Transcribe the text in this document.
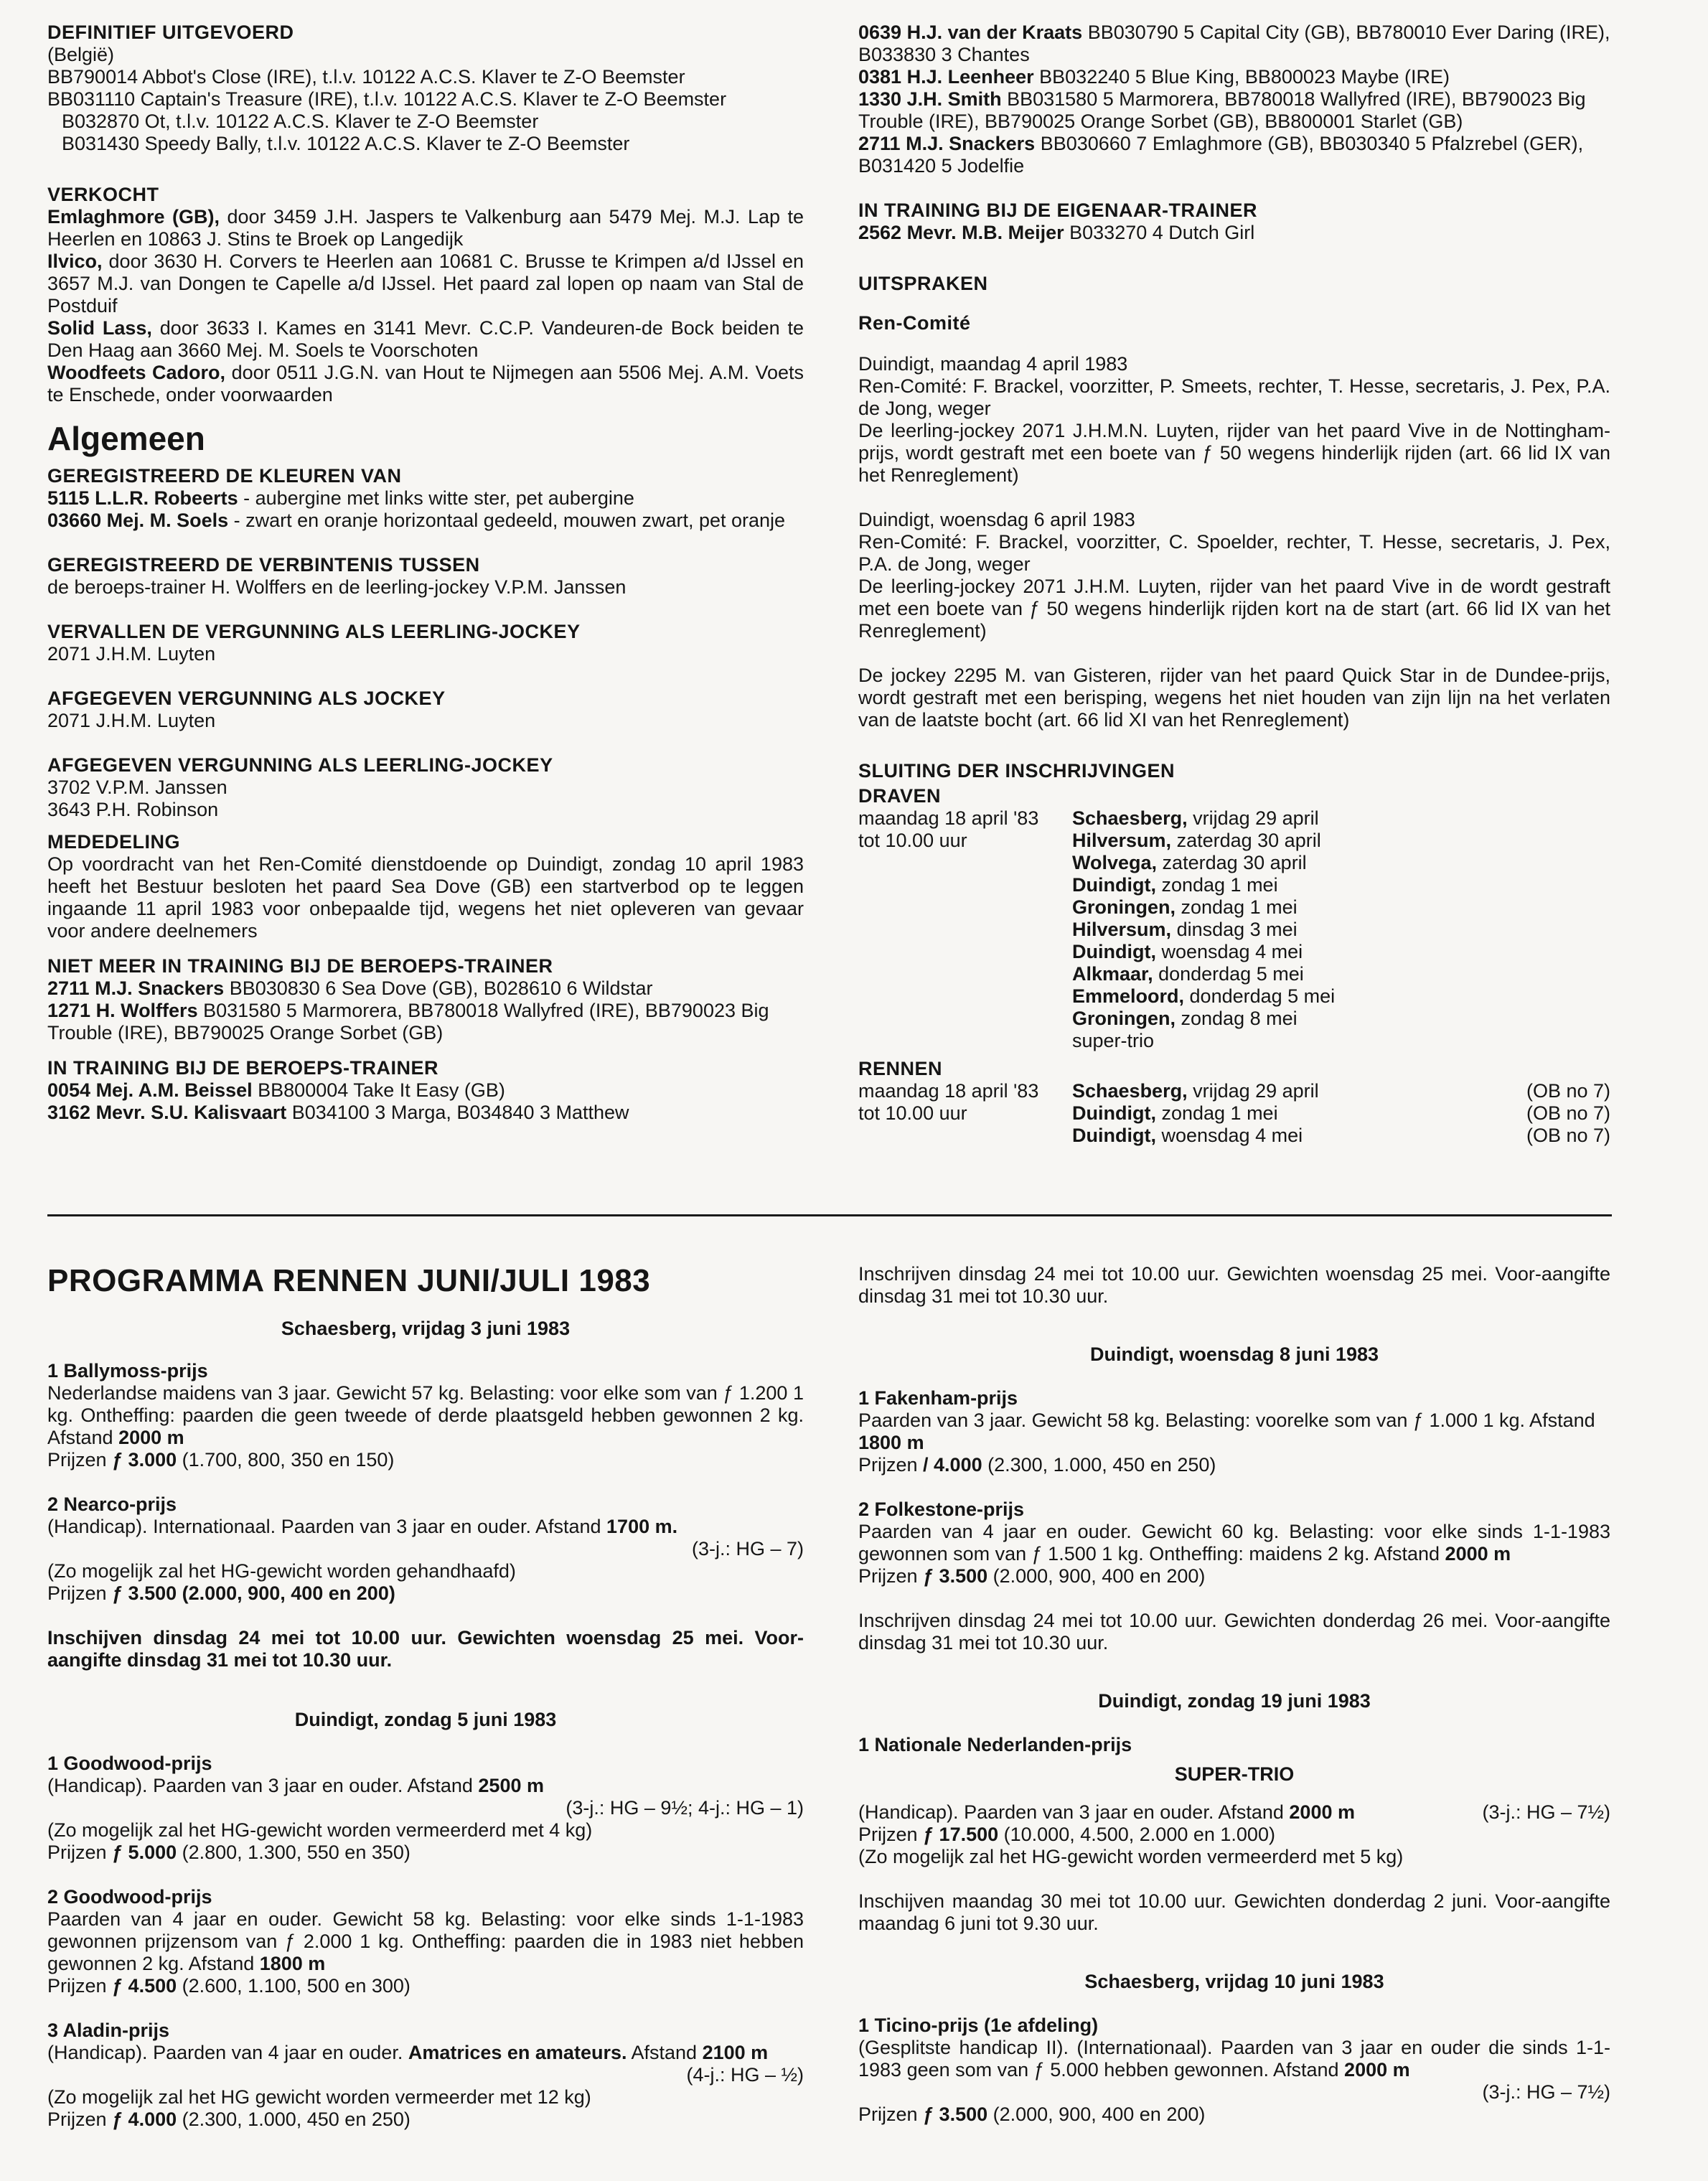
DEFINITIEF UITGEVOERD

(België)

BB790014 Abbot's Close (IRE), t.l.v. 10122 A.C.S. Klaver te Z-O Beemster

BB031110 Captain's Treasure (IRE), t.l.v. 10122 A.C.S. Klaver te Z-O Beemster

B032870 Ot, t.l.v. 10122 A.C.S. Klaver te Z-O Beemster

B031430 Speedy Bally, t.l.v. 10122 A.C.S. Klaver te Z-O Beemster

VERKOCHT

Emlaghmore (GB), door 3459 J.H. Jaspers te Valkenburg aan 5479 Mej. M.J. Lap te Heerlen en 10863 J. Stins te Broek op Langedijk

Ilvico, door 3630 H. Corvers te Heerlen aan 10681 C. Brusse te Krimpen a/d IJssel en 3657 M.J. van Dongen te Capelle a/d IJssel. Het paard zal lopen op naam van Stal de Postduif

Solid Lass, door 3633 I. Kames en 3141 Mevr. C.C.P. Vandeuren-de Bock beiden te Den Haag aan 3660 Mej. M. Soels te Voorschoten

Woodfeets Cadoro, door 0511 J.G.N. van Hout te Nijmegen aan 5506 Mej. A.M. Voets te Enschede, onder voorwaarden

Algemeen
GEREGISTREERD DE KLEUREN VAN

5115 L.L.R. Robeerts - aubergine met links witte ster, pet aubergine

03660 Mej. M. Soels - zwart en oranje horizontaal gedeeld, mouwen zwart, pet oranje

GEREGISTREERD DE VERBINTENIS TUSSEN

de beroeps-trainer H. Wolffers en de leerling-jockey V.P.M. Janssen

VERVALLEN DE VERGUNNING ALS LEERLING-JOCKEY

2071 J.H.M. Luyten

AFGEGEVEN VERGUNNING ALS JOCKEY

2071 J.H.M. Luyten

AFGEGEVEN VERGUNNING ALS LEERLING-JOCKEY

3702 V.P.M. Janssen

3643 P.H. Robinson

MEDEDELING

Op voordracht van het Ren-Comité dienstdoende op Duindigt, zondag 10 april 1983 heeft het Bestuur besloten het paard Sea Dove (GB) een startverbod op te leggen ingaande 11 april 1983 voor onbepaalde tijd, wegens het niet opleveren van gevaar voor andere deelnemers

NIET MEER IN TRAINING BIJ DE BEROEPS-TRAINER

2711 M.J. Snackers BB030830 6 Sea Dove (GB), B028610 6 Wildstar

1271 H. Wolffers B031580 5 Marmorera, BB780018 Wallyfred (IRE), BB790023 Big Trouble (IRE), BB790025 Orange Sorbet (GB)

IN TRAINING BIJ DE BEROEPS-TRAINER

0054 Mej. A.M. Beissel BB800004 Take It Easy (GB)

3162 Mevr. S.U. Kalisvaart B034100 3 Marga, B034840 3 Matthew

0639 H.J. van der Kraats BB030790 5 Capital City (GB), BB780010 Ever Daring (IRE), B033830 3 Chantes

0381 H.J. Leenheer BB032240 5 Blue King, BB800023 Maybe (IRE)

1330 J.H. Smith BB031580 5 Marmorera, BB780018 Wallyfred (IRE), BB790023 Big Trouble (IRE), BB790025 Orange Sorbet (GB), BB800001 Starlet (GB)

2711 M.J. Snackers BB030660 7 Emlaghmore (GB), BB030340 5 Pfalzrebel (GER), B031420 5 Jodelfie

IN TRAINING BIJ DE EIGENAAR-TRAINER

2562 Mevr. M.B. Meijer B033270 4 Dutch Girl

UITSPRAKEN
Ren-Comité

Duindigt, maandag 4 april 1983

Ren-Comité: F. Brackel, voorzitter, P. Smeets, rechter, T. Hesse, secretaris, J. Pex, P.A. de Jong, weger

De leerling-jockey 2071 J.H.M.N. Luyten, rijder van het paard Vive in de Nottingham-prijs, wordt gestraft met een boete van ƒ 50 wegens hinderlijk rijden (art. 66 lid IX van het Renreglement)

Duindigt, woensdag 6 april 1983

Ren-Comité: F. Brackel, voorzitter, C. Spoelder, rechter, T. Hesse, secretaris, J. Pex, P.A. de Jong, weger

De leerling-jockey 2071 J.H.M. Luyten, rijder van het paard Vive in de wordt gestraft met een boete van ƒ 50 wegens hinderlijk rijden kort na de start (art. 66 lid IX van het Renreglement)

De jockey 2295 M. van Gisteren, rijder van het paard Quick Star in de Dundee-prijs, wordt gestraft met een berisping, wegens het niet houden van zijn lijn na het verlaten van de laatste bocht (art. 66 lid XI van het Renreglement)

SLUITING DER INSCHRIJVINGEN
DRAVEN

maandag 18 april '83

tot 10.00 uur

Schaesberg, vrijdag 29 april

Hilversum, zaterdag 30 april

Wolvega, zaterdag 30 april

Duindigt, zondag 1 mei

Groningen, zondag 1 mei

Hilversum, dinsdag 3 mei

Duindigt, woensdag 4 mei

Alkmaar, donderdag 5 mei

Emmeloord, donderdag 5 mei

Groningen, zondag 8 mei

super-trio

RENNEN

maandag 18 april '83

tot 10.00 uur

Schaesberg, vrijdag 29 april

Duindigt, zondag 1 mei

Duindigt, woensdag 4 mei

(OB no 7)

(OB no 7)

(OB no 7)

PROGRAMMA RENNEN JUNI/JULI 1983

Schaesberg, vrijdag 3 juni 1983

1 Ballymoss-prijs

Nederlandse maidens van 3 jaar. Gewicht 57 kg. Belasting: voor elke som van ƒ 1.200 1 kg. Ontheffing: paarden die geen tweede of derde plaatsgeld hebben gewonnen 2 kg. Afstand 2000 m

Prijzen ƒ 3.000 (1.700, 800, 350 en 150)

2 Nearco-prijs

(Handicap). Internationaal. Paarden van 3 jaar en ouder. Afstand 1700 m.

(3-j.: HG – 7)

(Zo mogelijk zal het HG-gewicht worden gehandhaafd)

Prijzen ƒ 3.500 (2.000, 900, 400 en 200)

Inschijven dinsdag 24 mei tot 10.00 uur. Gewichten woensdag 25 mei. Voor-aangifte dinsdag 31 mei tot 10.30 uur.

Duindigt, zondag 5 juni 1983

1 Goodwood-prijs

(Handicap). Paarden van 3 jaar en ouder. Afstand 2500 m

(3-j.: HG – 9½; 4-j.: HG – 1)

(Zo mogelijk zal het HG-gewicht worden vermeerderd met 4 kg)

Prijzen ƒ 5.000 (2.800, 1.300, 550 en 350)

2 Goodwood-prijs

Paarden van 4 jaar en ouder. Gewicht 58 kg. Belasting: voor elke sinds 1-1-1983 gewonnen prijzensom van ƒ 2.000 1 kg. Ontheffing: paarden die in 1983 niet hebben gewonnen 2 kg. Afstand 1800 m

Prijzen ƒ 4.500 (2.600, 1.100, 500 en 300)

3 Aladin-prijs

(Handicap). Paarden van 4 jaar en ouder. Amatrices en amateurs. Afstand 2100 m

(4-j.: HG – ½)

(Zo mogelijk zal het HG gewicht worden vermeerder met 12 kg)

Prijzen ƒ 4.000 (2.300, 1.000, 450 en 250)

Inschrijven dinsdag 24 mei tot 10.00 uur. Gewichten woensdag 25 mei. Voor-aangifte dinsdag 31 mei tot 10.30 uur.

Duindigt, woensdag 8 juni 1983

1 Fakenham-prijs

Paarden van 3 jaar. Gewicht 58 kg. Belasting: voorelke som van ƒ 1.000 1 kg. Afstand 1800 m

Prijzen / 4.000 (2.300, 1.000, 450 en 250)

2 Folkestone-prijs

Paarden van 4 jaar en ouder. Gewicht 60 kg. Belasting: voor elke sinds 1-1-1983 gewonnen som van ƒ 1.500 1 kg. Ontheffing: maidens 2 kg. Afstand 2000 m

Prijzen ƒ 3.500 (2.000, 900, 400 en 200)

Inschrijven dinsdag 24 mei tot 10.00 uur. Gewichten donderdag 26 mei. Voor-aangifte dinsdag 31 mei tot 10.30 uur.

Duindigt, zondag 19 juni 1983

1 Nationale Nederlanden-prijs

SUPER-TRIO

(Handicap). Paarden van 3 jaar en ouder. Afstand 2000 m	(3-j.: HG – 7½)

Prijzen ƒ 17.500 (10.000, 4.500, 2.000 en 1.000)

(Zo mogelijk zal het HG-gewicht worden vermeerderd met 5 kg)

Inschijven maandag 30 mei tot 10.00 uur. Gewichten donderdag 2 juni. Voor-aangifte maandag 6 juni tot 9.30 uur.

Schaesberg, vrijdag 10 juni 1983

1 Ticino-prijs (1e afdeling)

(Gesplitste handicap II). (Internationaal). Paarden van 3 jaar en ouder die sinds 1-1-1983 geen som van ƒ 5.000 hebben gewonnen. Afstand 2000 m

(3-j.: HG – 7½)

Prijzen ƒ 3.500 (2.000, 900, 400 en 200)
